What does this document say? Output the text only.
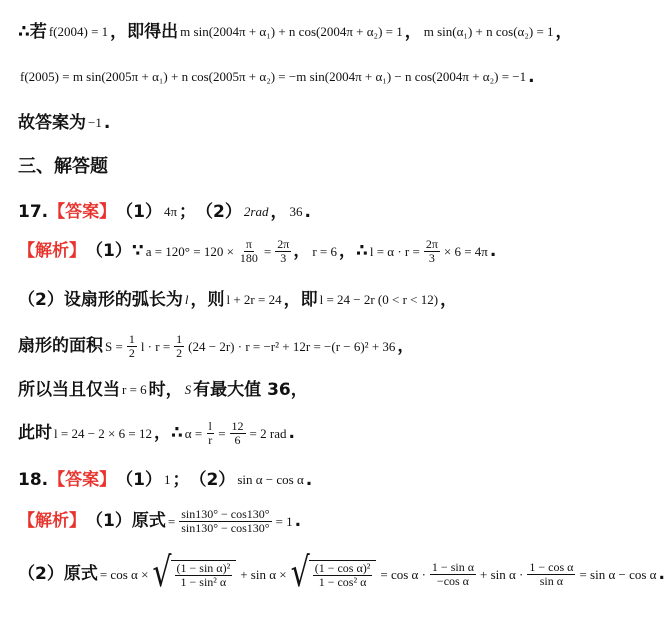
∴若 f(2004) = 1 ， 即得出 m sin(2004π + α₁) + n cos(2004π + α₂) = 1 ， m sin(α₁) + n cos(α₂) = 1 ，
f(2005) = m sin(2005π + α₁) + n cos(2005π + α₂) = −m sin(2004π + α₁) − n cos(2004π + α₂) = −1 .
故答案为 −1 .
三、解答题
17. 【答案】 （1） 4π ； （2） 2rad ， 36 .
【解析】 （1） ∵ $a = 120^\circ = 120 \times \frac{\pi}{180} = \frac{2\pi}{3}$ ， r = 6 ， ∴ $l = \alpha \cdot r = \frac{2\pi}{3} \times 6 = 4\pi$ .
（2）设扇形的弧长为 l ，则 l + 2r = 24 ， 即 l = 24 − 2r (0 < r < 12) ，
扇形的面积 $S = \frac{1}{2}$ $l \cdot r = \frac{1}{2} (24 - 2r) \cdot r = -r^2 + 12r = -(r - 6)^2 + 36$ ，
所以当且仅当 r = 6 时， S 有最大值 36，
此时 l = 24 − 2 × 6 = 12 ， ∴ $\alpha = \frac{l}{r} = \frac{12}{6} = 2$ rad .
18. 【答案】 （1） 1 ； （2） sin α − cos α .
【解析】 （1）原式 = $\frac{\sin 130^\circ - \cos 130^\circ}{\sin 130^\circ - \cos 130^\circ} = 1$ .
（2）原式 = cos α × √ $\frac{\text{(1 − sin α)²}}{\text{1 − sin² α}} + \sin \alpha$ × √ $\frac{\text{(1 − cos α)²}}{\text{1 − cos² α}} = \cos \alpha \cdot \frac{\text{1 − sin α}}{\text{−cos α}} + \sin \alpha \cdot \frac{\text{1 − cos α}}{\text{sin α}} = \sin \alpha - \cos \alpha$ .
